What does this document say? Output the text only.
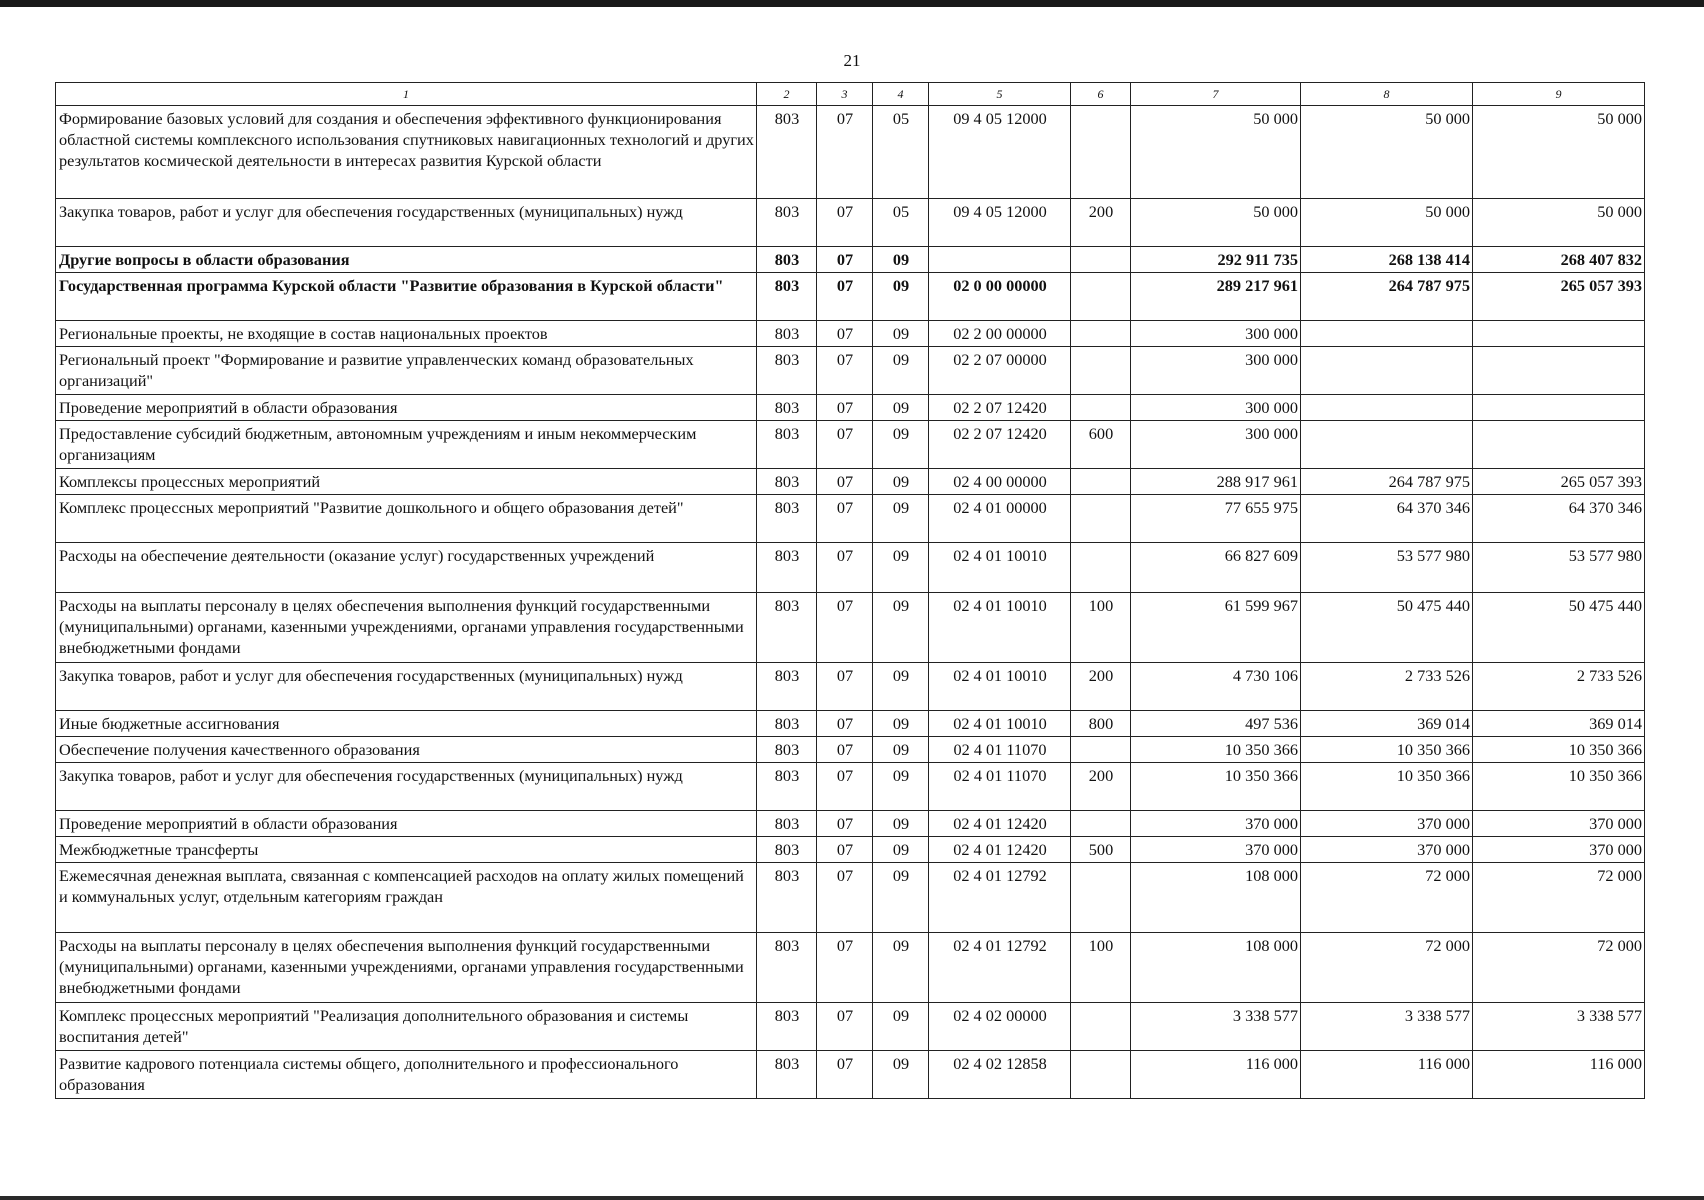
21
1	2	3	4	5	6	7	8	9
Формирование базовых условий для создания и обеспечения эффективного функционирования областной системы комплексного использования спутниковых навигационных технологий и других результатов космической деятельности в интересах развития Курской области	803	07	05	09 4 05 12000		50 000	50 000	50 000
Закупка товаров, работ и услуг для обеспечения государственных (муниципальных) нужд	803	07	05	09 4 05 12000	200	50 000	50 000	50 000
Другие вопросы в области образования	803	07	09			292 911 735	268 138 414	268 407 832
Государственная программа Курской области "Развитие образования в Курской области"	803	07	09	02 0 00 00000		289 217 961	264 787 975	265 057 393
Региональные проекты, не входящие в состав национальных проектов	803	07	09	02 2 00 00000		300 000		
Региональный проект "Формирование и развитие управленческих команд образовательных организаций"	803	07	09	02 2 07 00000		300 000		
Проведение мероприятий в области образования	803	07	09	02 2 07 12420		300 000		
Предоставление субсидий бюджетным, автономным учреждениям и иным некоммерческим организациям	803	07	09	02 2 07 12420	600	300 000		
Комплексы процессных мероприятий	803	07	09	02 4 00 00000		288 917 961	264 787 975	265 057 393
Комплекс процессных мероприятий "Развитие дошкольного и общего образования детей"	803	07	09	02 4 01 00000		77 655 975	64 370 346	64 370 346
Расходы на обеспечение деятельности (оказание услуг) государственных учреждений	803	07	09	02 4 01 10010		66 827 609	53 577 980	53 577 980
Расходы на выплаты персоналу в целях обеспечения выполнения функций государственными (муниципальными) органами, казенными учреждениями, органами управления государственными внебюджетными фондами	803	07	09	02 4 01 10010	100	61 599 967	50 475 440	50 475 440
Закупка товаров, работ и услуг для обеспечения государственных (муниципальных) нужд	803	07	09	02 4 01 10010	200	4 730 106	2 733 526	2 733 526
Иные бюджетные ассигнования	803	07	09	02 4 01 10010	800	497 536	369 014	369 014
Обеспечение получения качественного образования	803	07	09	02 4 01 11070		10 350 366	10 350 366	10 350 366
Закупка товаров, работ и услуг для обеспечения государственных (муниципальных) нужд	803	07	09	02 4 01 11070	200	10 350 366	10 350 366	10 350 366
Проведение мероприятий в области образования	803	07	09	02 4 01 12420		370 000	370 000	370 000
Межбюджетные трансферты	803	07	09	02 4 01 12420	500	370 000	370 000	370 000
Ежемесячная денежная выплата, связанная с компенсацией расходов на оплату жилых помещений и коммунальных услуг, отдельным категориям граждан	803	07	09	02 4 01 12792		108 000	72 000	72 000
Расходы на выплаты персоналу в целях обеспечения выполнения функций государственными (муниципальными) органами, казенными учреждениями, органами управления государственными внебюджетными фондами	803	07	09	02 4 01 12792	100	108 000	72 000	72 000
Комплекс процессных мероприятий "Реализация дополнительного образования и системы воспитания детей"	803	07	09	02 4 02 00000		3 338 577	3 338 577	3 338 577
Развитие кадрового потенциала системы общего, дополнительного и профессионального образования	803	07	09	02 4 02 12858		116 000	116 000	116 000
